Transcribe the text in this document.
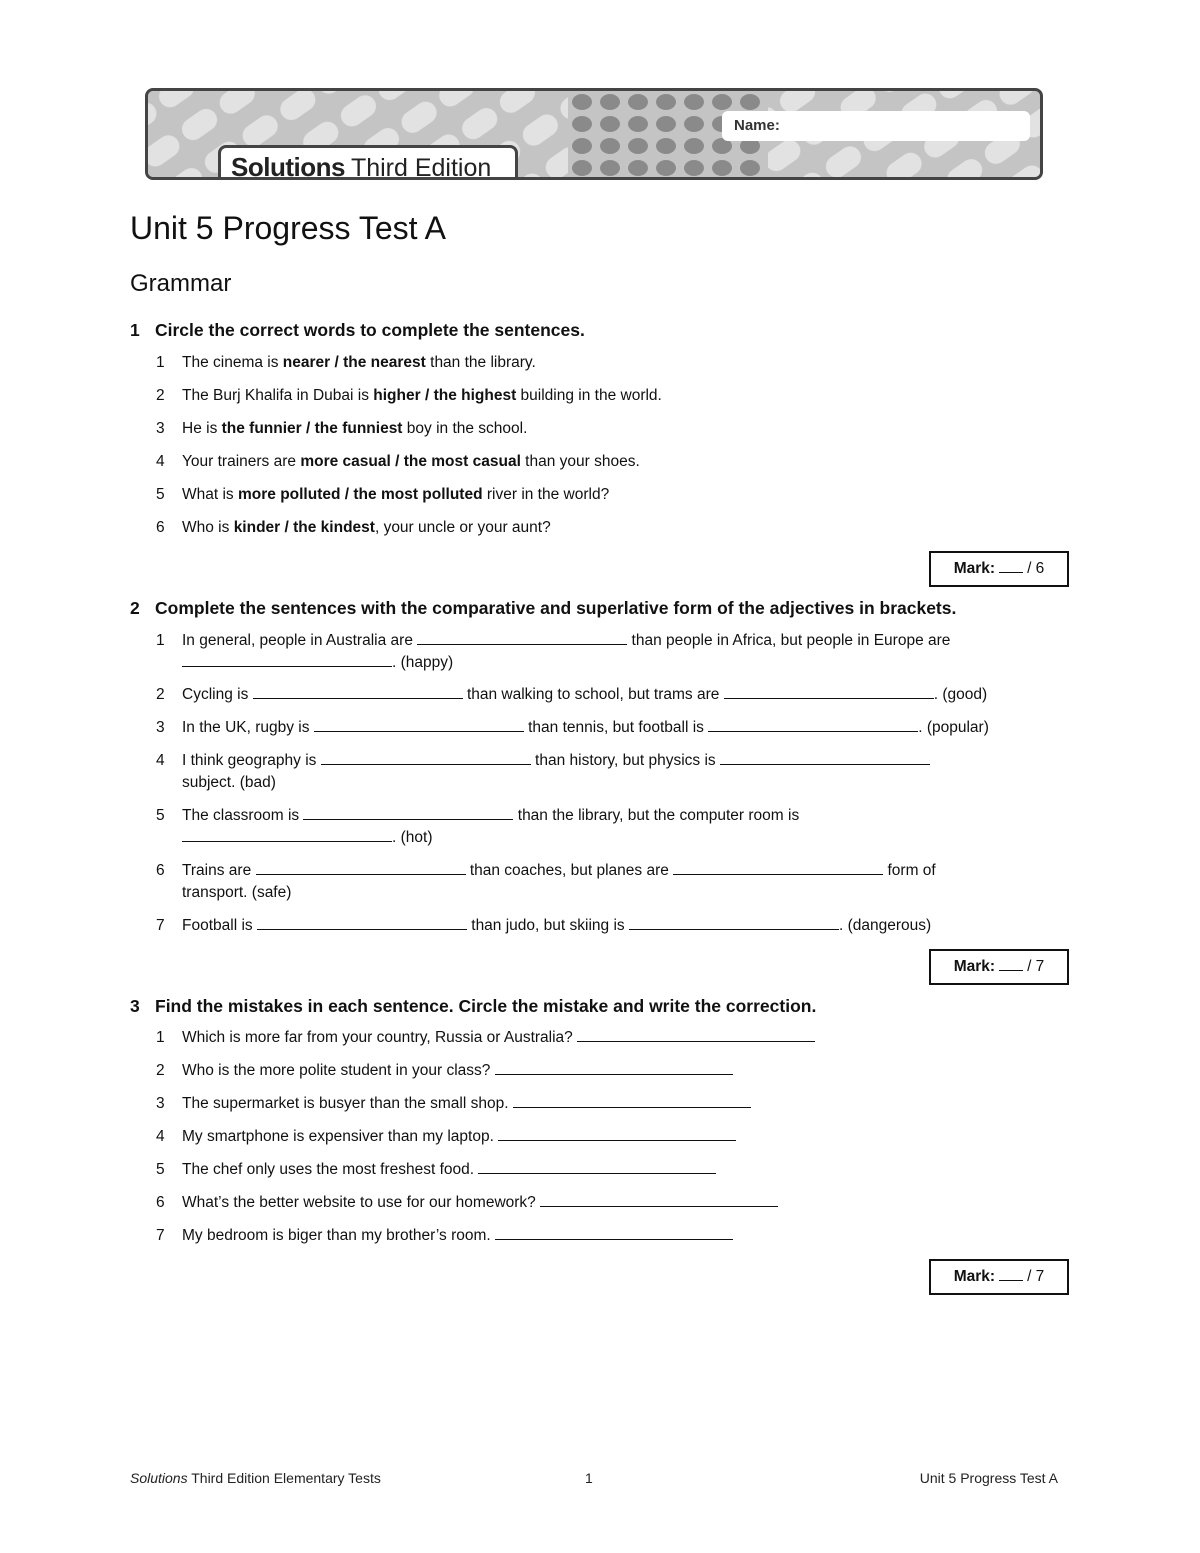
Name:
Solutions Third Edition
Unit 5 Progress Test A
Grammar
1 Circle the correct words to complete the sentences.
1 The cinema is nearer / the nearest than the library.
2 The Burj Khalifa in Dubai is higher / the highest building in the world.
3 He is the funnier / the funniest boy in the school.
4 Your trainers are more casual / the most casual than your shoes.
5 What is more polluted / the most polluted river in the world?
6 Who is kinder / the kindest, your uncle or your aunt?
Mark: / 6
2 Complete the sentences with the comparative and superlative form of the adjectives in brackets.
1 In general, people in Australia are	than people in Africa, but people in Europe are
. (happy)
2 Cycling is	than walking to school, but trams are	. (good)
3 In the UK, rugby is	than tennis, but football is	. (popular)
4 I think geography is	than history, but physics is
subject. (bad)
5 The classroom is	than the library, but the computer room is
. (hot)
6 Trains are	than coaches, but planes are	form of
transport. (safe)
7 Football is	than judo, but skiing is	. (dangerous)
Mark: / 7
3 Find the mistakes in each sentence. Circle the mistake and write the correction.
1 Which is more far from your country, Russia or Australia?
2 Who is the more polite student in your class?
3 The supermarket is busyer than the small shop.
4 My smartphone is expensiver than my laptop.
5 The chef only uses the most freshest food.
6 What’s the better website to use for our homework?
7 My bedroom is biger than my brother’s room.
Mark: / 7
Solutions Third Edition Elementary Tests	1	Unit 5 Progress Test A
